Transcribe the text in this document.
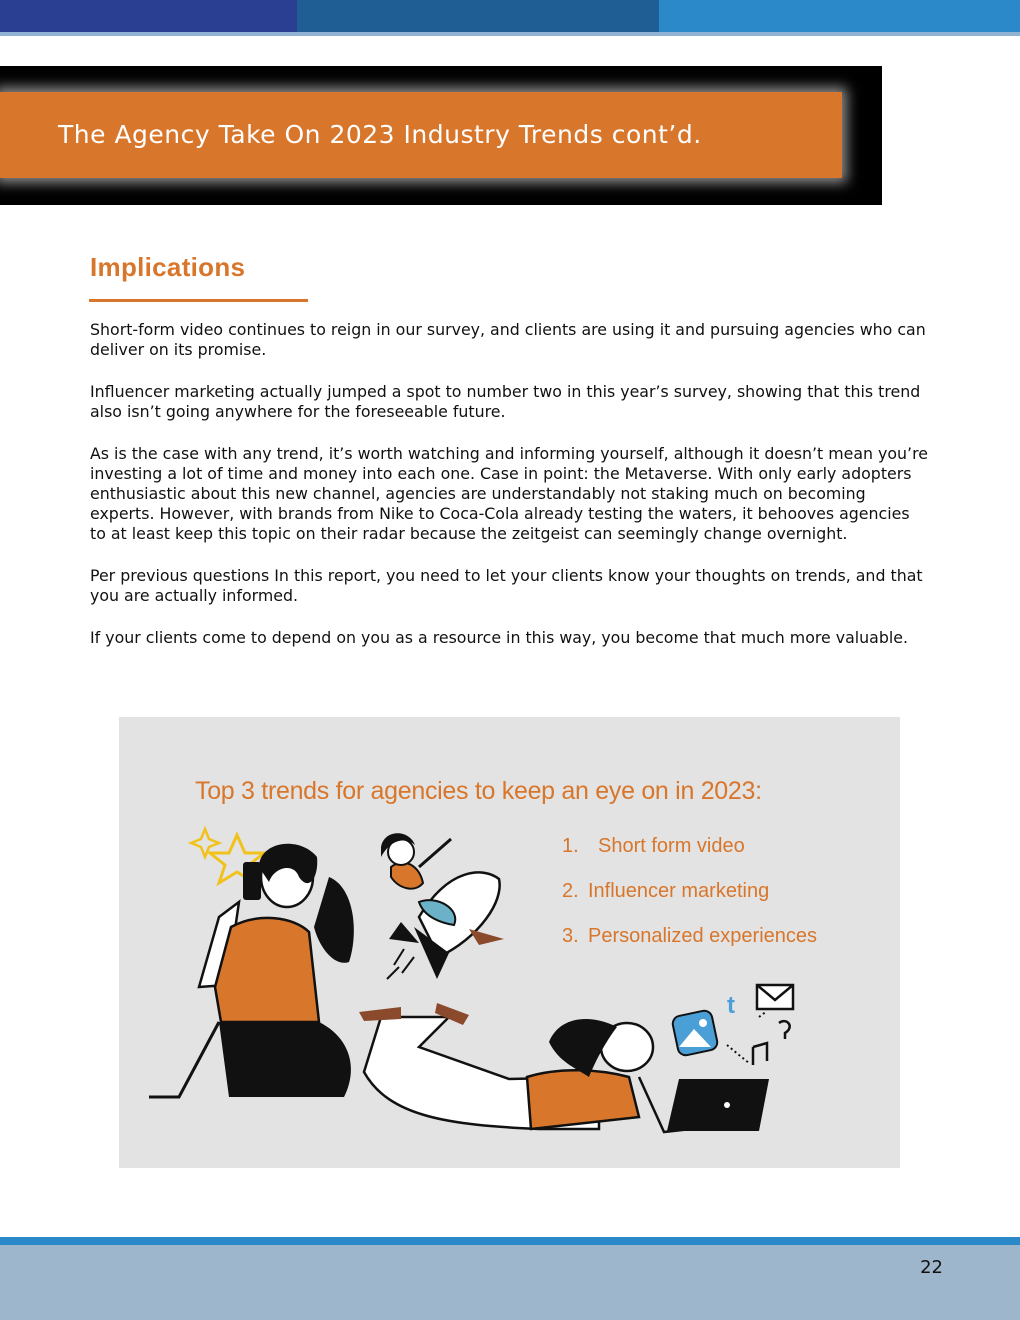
The Agency Take On 2023 Industry Trends cont’d.
Implications

Short-form video continues to reign in our survey, and clients are using it and pursuing agencies who can deliver on its promise.

Influencer marketing actually jumped a spot to number two in this year’s survey, showing that this trend also isn’t going anywhere for the foreseeable future.

As is the case with any trend, it’s worth watching and informing yourself, although it doesn’t mean you’re investing a lot of time and money into each one. Case in point: the Metaverse. With only early adopters enthusiastic about this new channel, agencies are understandably not staking much on becoming experts. However, with brands from Nike to Coca-Cola already testing the waters, it behooves agencies to at least keep this topic on their radar because the zeitgeist can seemingly change overnight.

Per previous questions In this report, you need to let your clients know your thoughts on trends, and that you are actually informed.

If your clients come to depend on you as a resource in this way, you become that much more valuable.

t
Top 3 trends for agencies to keep an eye on in 2023:
1. Short form video
2. Influencer marketing
3. Personalized experiences
22
